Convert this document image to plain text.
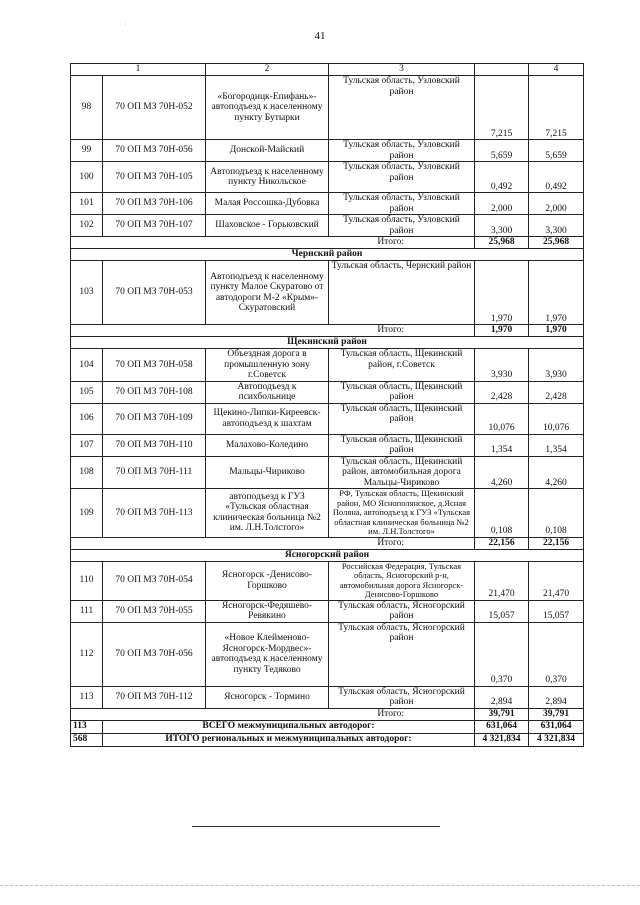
41
1		2	3		4
98	70 ОП МЗ 70Н-052	«Богородицк-Епифань»-автоподъезд к населенному пункту Бутырки	Тульская область, Узловский район	7,215	7,215
99	70 ОП МЗ 70Н-056	Донской-Майский	Тульская область, Узловский район	5,659	5,659
100	70 ОП МЗ 70Н-105	Автоподъезд к населенному пункту Никольское	Тульская область, Узловский район	0,492	0,492
101	70 ОП МЗ 70Н-106	Малая Россошка-Дубовка	Тульская область, Узловский район	2,000	2,000
102	70 ОП МЗ 70Н-107	Шаховское - Горьковский	Тульская область, Узловский район	3,300	3,300
Итого:				25,968	25,968
Чернский район					
103	70 ОП МЗ 70Н-053	Автоподъезд к населенному пункту Малое Скуратово от автодороги М-2 «Крым»-Скуратовский	Тульская область, Чернский район	1,970	1,970
Итого:				1,970	1,970
Щекинский район					
104	70 ОП МЗ 70Н-058	Объездная дорога в промышленную зону г.Советск	Тульская область, Щекинский район, г.Советск	3,930	3,930
105	70 ОП МЗ 70Н-108	Автоподъезд к психбольнице	Тульская область, Щекинский район	2,428	2,428
106	70 ОП МЗ 70Н-109	Щекино-Липки-Киреевск-автоподъезд к шахтам	Тульская область, Щекинский район	10,076	10,076
107	70 ОП МЗ 70Н-110	Малахово-Коледино	Тульская область, Щекинский район	1,354	1,354
108	70 ОП МЗ 70Н-111	Мальцы-Чириково	Тульская область, Щекинский район, автомобильная дорога Мальцы-Чириково	4,260	4,260
109	70 ОП МЗ 70Н-113	автоподъезд к ГУЗ «Тульская областная клиническая больница №2 им. Л.Н.Толстого»	РФ, Тульская область, Щекинский район, МО Яснополянское, д.Ясная Поляна, автоподъезд к ГУЗ «Тульская областная клиническая больница №2 им. Л.Н.Толстого»	0,108	0,108
Итого:				22,156	22,156
Ясногорский район					
110	70 ОП МЗ 70Н-054	Ясногорск -Денисово-Горшково	Российская Федерация, Тульская область, Ясногорский р-н, автомобильная дорога Ясногорск-Денисово-Горшково	21,470	21,470
111	70 ОП МЗ 70Н-055	Ясногорск-Федяшево-Ревякино	Тульская область, Ясногорский район	15,057	15,057
112	70 ОП МЗ 70Н-056	«Новое Клейменово-Ясногорск-Мордвес»-автоподъезд к населенному пункту Тедяково	Тульская область, Ясногорский район	0,370	0,370
113	70 ОП МЗ 70Н-112	Ясногорск - Тормино	Тульская область, Ясногорский район	2,894	2,894
Итого:				39,791	39,791
113	ВСЕГО межмуниципальных автодорог:			631,064	631,064
568	ИТОГО региональных и межмуниципальных автодорог:			4 321,834	4 321,834
·
